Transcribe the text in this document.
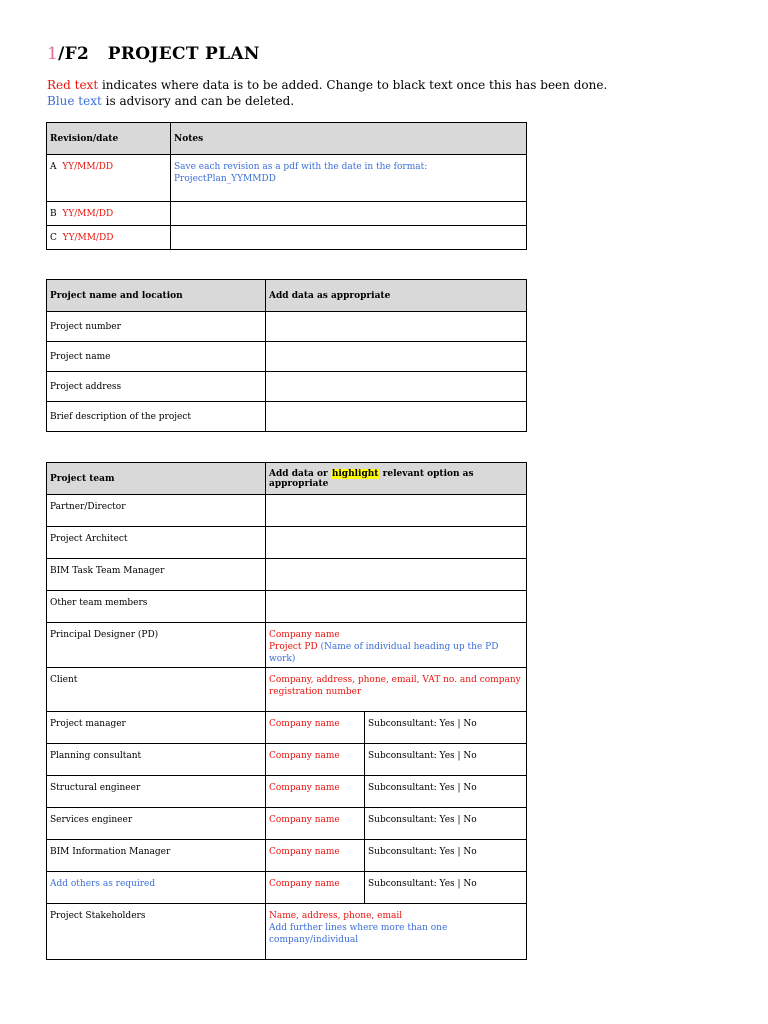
1/F2 PROJECT PLAN
Red text indicates where data is to be added. Change to black text once this has been done.
Blue text is advisory and can be deleted.
Revision/date	Notes

A YY/MM/DD	Save each revision as a pdf with the date in the format: ProjectPlan_YYMMDD

B YY/MM/DD	
C YY/MM/DD	
Project name and location	Add data as appropriate
Project number	
Project name	
Project address	
Brief description of the project	
Project team	Add data or highlight relevant option as appropriate	

Partner/Director		

Project Architect		

BIM Task Team Manager		

Other team members		

Principal Designer (PD)	Company name
Project PD (Name of individual heading up the PD work)	

Client	Company, address, phone, email, VAT no. and company registration number	

Project manager	Company name	Subconsultant: Yes | No

Planning consultant	Company name	Subconsultant: Yes | No

Structural engineer	Company name	Subconsultant: Yes | No

Services engineer	Company name	Subconsultant: Yes | No

BIM Information Manager	Company name	Subconsultant: Yes | No

Add others as required	Company name	Subconsultant: Yes | No

Project Stakeholders	Name, address, phone, email
Add further lines where more than one company/individual	
